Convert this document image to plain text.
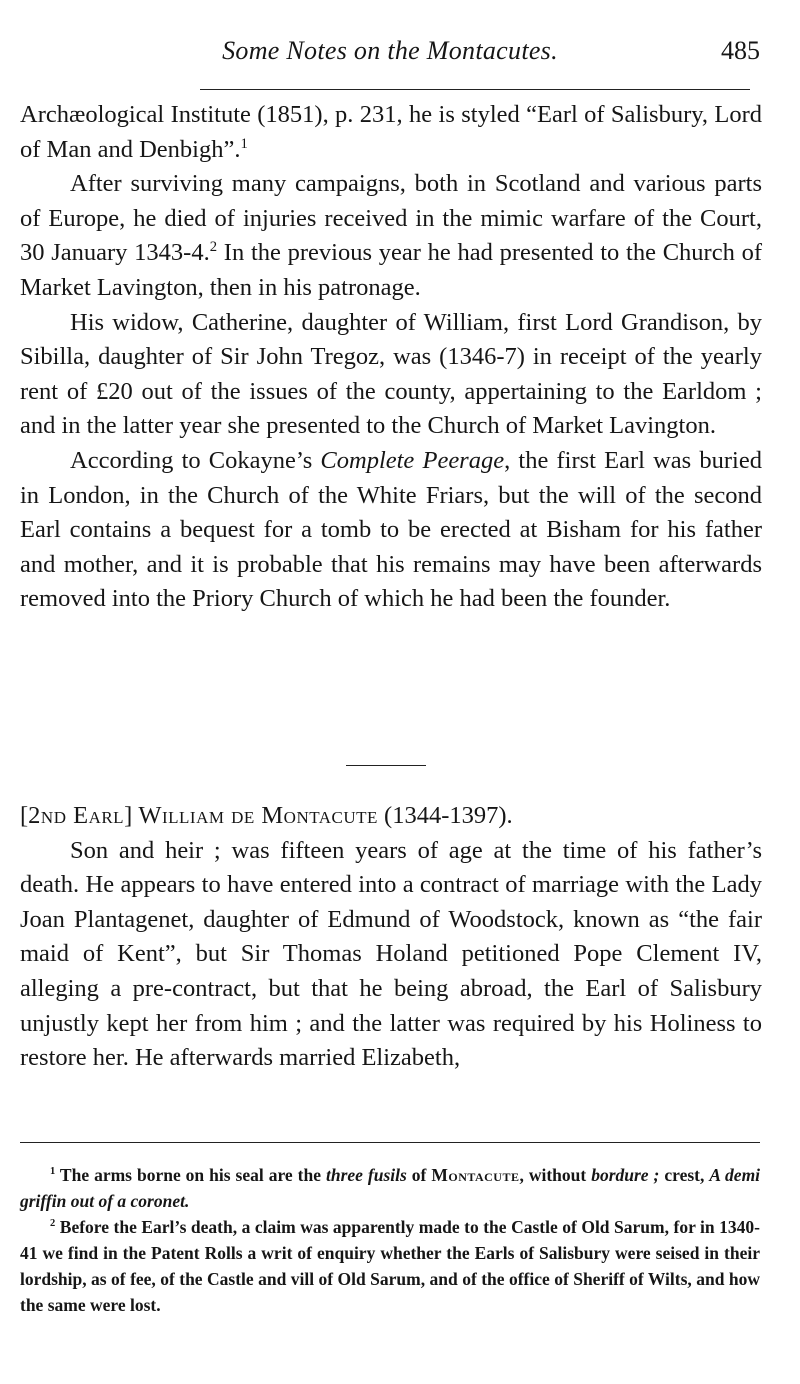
Some Notes on the Montacutes.	485

Archæological Institute (1851), p. 231, he is styled “Earl of Salisbury, Lord of Man and Denbigh”.$^1$

After surviving many campaigns, both in Scotland and various parts of Europe, he died of injuries received in the mimic warfare of the Court, 30 January 1343-4.$^2$ In the previous year he had presented to the Church of Market Lavington, then in his patronage.

His widow, Catherine, daughter of William, first Lord Grandison, by Sibilla, daughter of Sir John Tregoz, was (1346-7) in receipt of the yearly rent of £20 out of the issues of the county, appertaining to the Earldom ; and in the latter year she presented to the Church of Market Lavington.

According to Cokayne’s Complete Peerage, the first Earl was buried in London, in the Church of the White Friars, but the will of the second Earl contains a bequest for a tomb to be erected at Bisham for his father and mother, and it is probable that his remains may have been afterwards removed into the Priory Church of which he had been the founder.

[2nd Earl] William de Montacute (1344-1397).

Son and heir ; was fifteen years of age at the time of his father’s death. He appears to have entered into a contract of marriage with the Lady Joan Plantagenet, daughter of Edmund of Woodstock, known as “the fair maid of Kent”, but Sir Thomas Holand petitioned Pope Clement IV, alleging a pre-contract, but that he being abroad, the Earl of Salisbury unjustly kept her from him ; and the latter was required by his Holiness to restore her. He afterwards married Elizabeth,

$^1$ The arms borne on his seal are the three fusils of Montacute, without bordure ; crest, A demi griffin out of a coronet.

$^2$ Before the Earl’s death, a claim was apparently made to the Castle of Old Sarum, for in 1340-41 we find in the Patent Rolls a writ of enquiry whether the Earls of Salisbury were seised in their lordship, as of fee, of the Castle and vill of Old Sarum, and of the office of Sheriff of Wilts, and how the same were lost.
